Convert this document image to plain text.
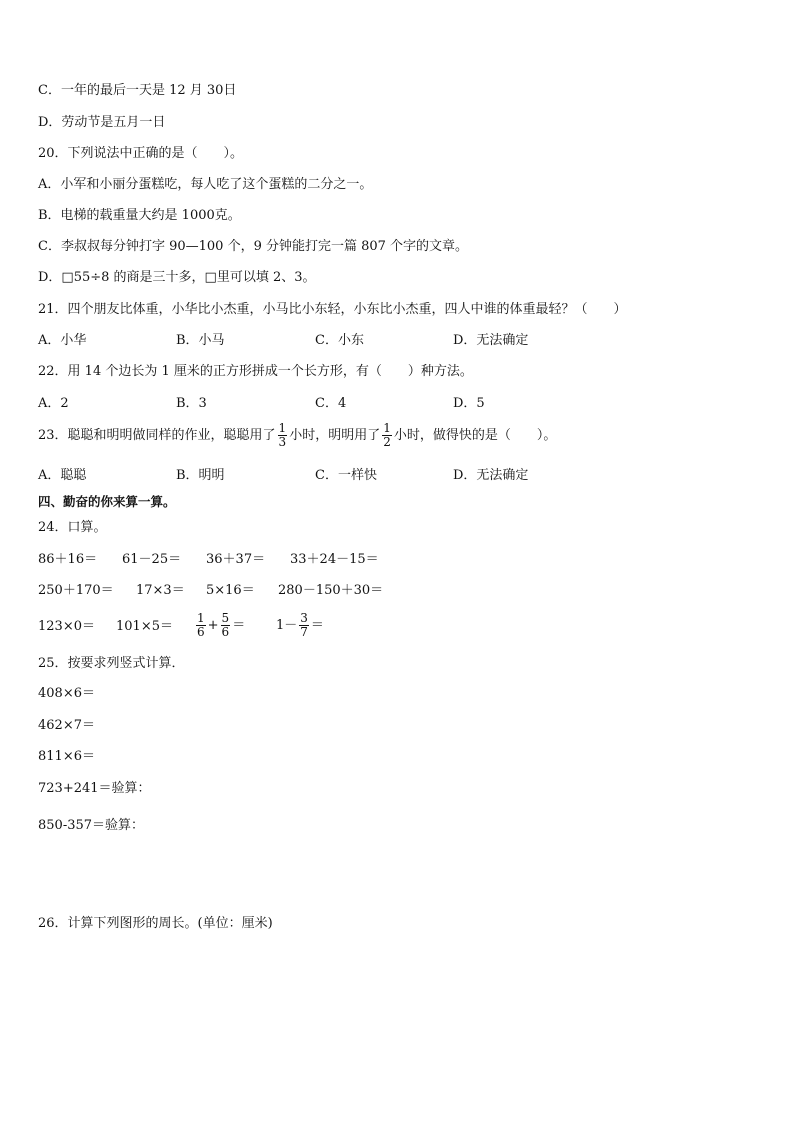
C．一年的最后一天是 12 月 30日
D．劳动节是五月一日
20．下列说法中正确的是（　　）。
A．小军和小丽分蛋糕吃，每人吃了这个蛋糕的二分之一。
B．电梯的载重量大约是 1000克。
C．李叔叔每分钟打字 90—100 个，9 分钟能打完一篇 807 个字的文章。
D．□55÷8 的商是三十多，□里可以填 2、3。
21．四个朋友比体重，小华比小杰重，小马比小东轻，小东比小杰重，四人中谁的体重最轻？（　　）
A．小华	B．小马	C．小东	D．无法确定
22．用 14 个边长为 1 厘米的正方形拼成一个长方形，有（　　）种方法。
A．2	B．3	C．4	D．5
23．聪聪和明明做同样的作业，聪聪用了 $\frac{1}{3}$ 小时，明明用了 $\frac{1}{2}$ 小时，做得快的是（　　）。
A．聪聪	B．明明	C．一样快	D．无法确定
四、勤奋的你来算一算。
24．口算。
86＋16＝ 61－25＝ 36＋37＝ 33＋24－15＝
250＋170＝ 17×3＝ 5×16＝ 280－150＋30＝
$123\times 0= 101\times 5= \frac{1}{6} + \frac{5}{6} = 1- \frac{3}{7}$ ＝
25．按要求列竖式计算．
408×6＝
462×7＝
811×6＝
723+241＝验算：
850-357＝验算：
26．计算下列图形的周长。(单位：厘米)
